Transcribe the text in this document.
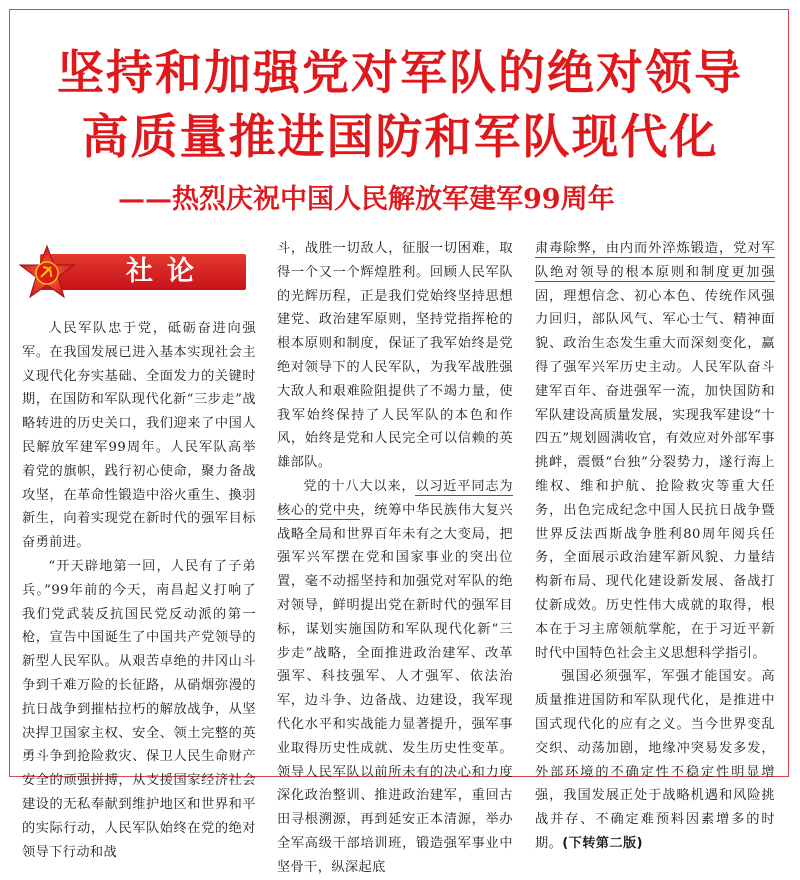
坚持和加强党对军队的绝对领导
高质量推进国防和军队现代化
——热烈庆祝中国人民解放军建军99周年
社论

人民军队忠于党，砥砺奋进向强军。在我国发展已进入基本实现社会主义现代化夯实基础、全面发力的关键时期，在国防和军队现代化新“三步走”战略转进的历史关口，我们迎来了中国人民解放军建军99周年。人民军队高举着党的旗帜，践行初心使命，聚力备战攻坚，在革命性锻造中浴火重生、換羽新生，向着实现党在新时代的强军目标奋勇前进。

“开天辟地第一回，人民有了子弟兵。”99年前的今天，南昌起义打响了我们党武装反抗国民党反动派的第一枪，宣告中国诞生了中国共产党领导的新型人民军队。从艰苦卓绝的井冈山斗争到千难万险的长征路，从硝烟弥漫的抗日战争到摧枯拉朽的解放战争，从坚决捍卫国家主权、安全、领土完整的英勇斗争到抢险救灾、保卫人民生命财产安全的顽强拼搏，从支援国家经济社会建设的无私奉献到维护地区和世界和平的实际行动，人民军队始终在党的绝对领导下行动和战

斗，战胜一切敌人，征服一切困难，取得一个又一个辉煌胜利。回顾人民军队的光辉历程，正是我们党始终坚持思想建党、政治建军原则，坚持党指挥枪的根本原则和制度，保证了我军始终是党绝对领导下的人民军队，为我军战胜强大敌人和艰难险阻提供了不竭力量，使我军始终保持了人民军队的本色和作风，始终是党和人民完全可以信赖的英雄部队。

党的十八大以来，以习近平同志为核心的党中央，统筹中华民族伟大复兴战略全局和世界百年未有之大变局，把强军兴军摆在党和国家事业的突出位置，毫不动摇坚持和加强党对军队的绝对领导，鲜明提出党在新时代的强军目标，谋划实施国防和军队现代化新“三步走”战略，全面推进政治建军、改革强军、科技强军、人才强军、依法治军，边斗争、边备战、边建设，我军现代化水平和实战能力显著提升，强军事业取得历史性成就、发生历史性变革。领导人民军队以前所未有的决心和力度深化政治整训、推进政治建军，重回古田寻根溯源，再到延安正本清源，举办全军高级干部培训班，锻造强军事业中坚骨干，纵深起底

肃毒除弊，由内而外淬炼锻造，党对军队绝对领导的根本原则和制度更加强固，理想信念、初心本色、传统作风强力回归，部队风气、军心士气、精神面貌、政治生态发生重大而深刻变化，赢得了强军兴军历史主动。人民军队奋斗建军百年、奋进强军一流，加快国防和军队建设高质量发展，实现我军建设“十四五”规划圆满收官，有效应对外部军事挑衅，震慑“台独”分裂势力，遂行海上维权、维和护航、抢险救灾等重大任务，出色完成纪念中国人民抗日战争暨世界反法西斯战争胜利80周年阅兵任务，全面展示政治建军新风貌、力量结构新布局、现代化建设新发展、备战打仗新成效。历史性伟大成就的取得，根本在于习主席领航掌舵，在于习近平新时代中国特色社会主义思想科学指引。

强国必须强军，军强才能国安。高质量推进国防和军队现代化，是推进中国式现代化的应有之义。当今世界变乱交织、动荡加剧，地缘冲突易发多发，外部环境的不确定性不稳定性明显增强，我国发展正处于战略机遇和风险挑战并存、不确定难预料因素增多的时期。(下转第二版)
